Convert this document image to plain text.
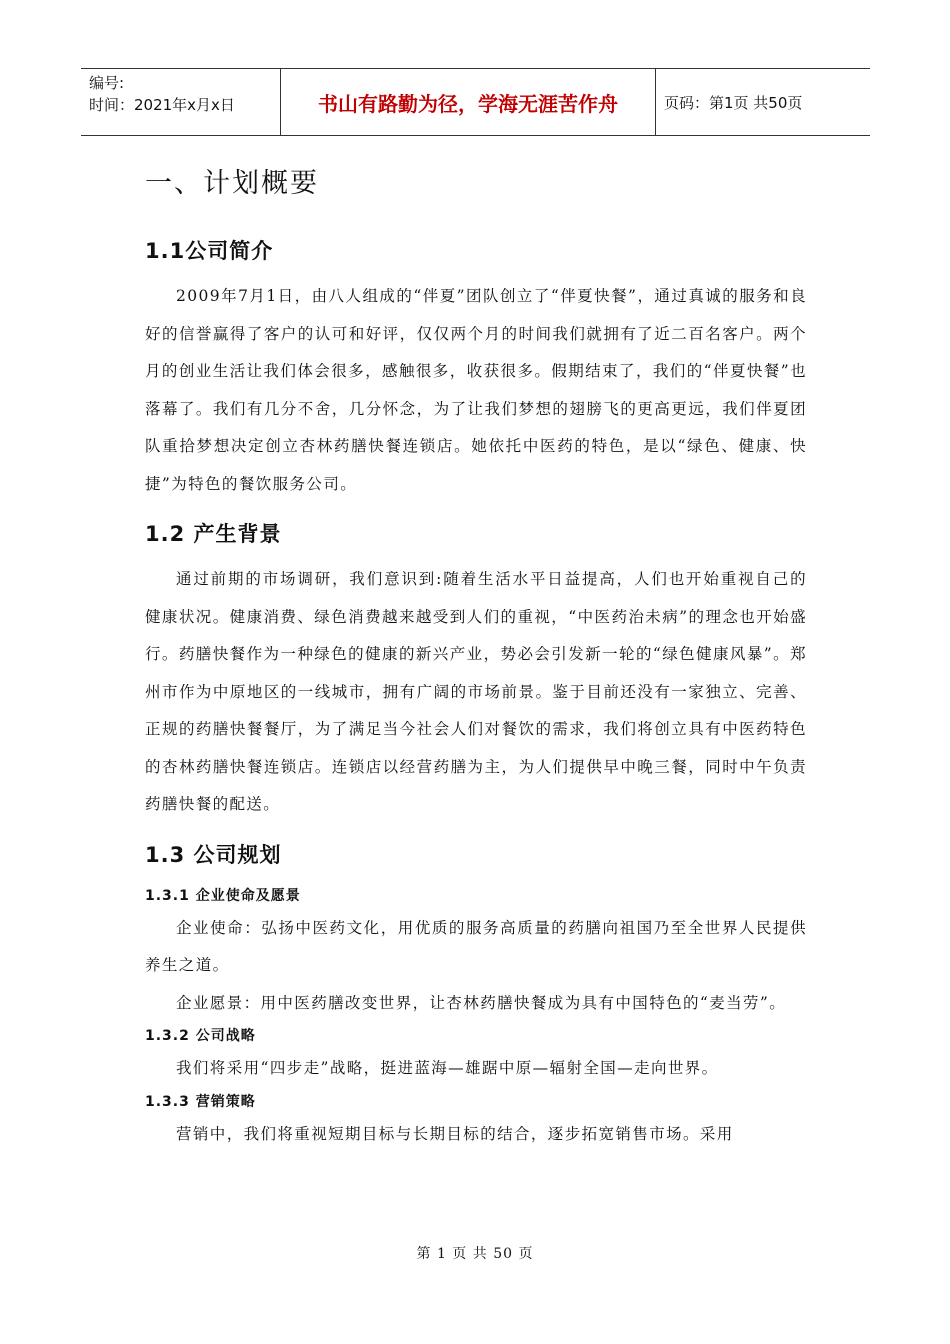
编号:
时间：2021年x月x日	书山有路勤为径，学海无涯苦作舟	页码：第1页 共50页
一、计划概要
1.1公司简介

2009年7月1日，由八人组成的“伴夏”团队创立了“伴夏快餐”，通过真诚的服务和良好的信誉赢得了客户的认可和好评，仅仅两个月的时间我们就拥有了近二百名客户。两个月的创业生活让我们体会很多，感触很多，收获很多。假期结束了，我们的“伴夏快餐”也落幕了。我们有几分不舍，几分怀念，为了让我们梦想的翅膀飞的更高更远，我们伴夏团队重拾梦想决定创立杏林药膳快餐连锁店。她依托中医药的特色，是以“绿色、健康、快捷”为特色的餐饮服务公司。

1.2 产生背景

通过前期的市场调研，我们意识到:随着生活水平日益提高，人们也开始重视自己的健康状况。健康消费、绿色消费越来越受到人们的重视，“中医药治未病”的理念也开始盛行。药膳快餐作为一种绿色的健康的新兴产业，势必会引发新一轮的“绿色健康风暴”。郑州市作为中原地区的一线城市，拥有广阔的市场前景。鉴于目前还没有一家独立、完善、正规的药膳快餐餐厅，为了满足当今社会人们对餐饮的需求，我们将创立具有中医药特色的杏林药膳快餐连锁店。连锁店以经营药膳为主，为人们提供早中晚三餐，同时中午负责药膳快餐的配送。

1.3 公司规划
1.3.1 企业使命及愿景

企业使命：弘扬中医药文化，用优质的服务高质量的药膳向祖国乃至全世界人民提供养生之道。

企业愿景：用中医药膳改变世界，让杏林药膳快餐成为具有中国特色的“麦当劳”。

1.3.2 公司战略

我们将采用“四步走”战略，挺进蓝海—雄踞中原—辐射全国—走向世界。

1.3.3 营销策略

营销中，我们将重视短期目标与长期目标的结合，逐步拓宽销售市场。采用

第 1 页 共 50 页
